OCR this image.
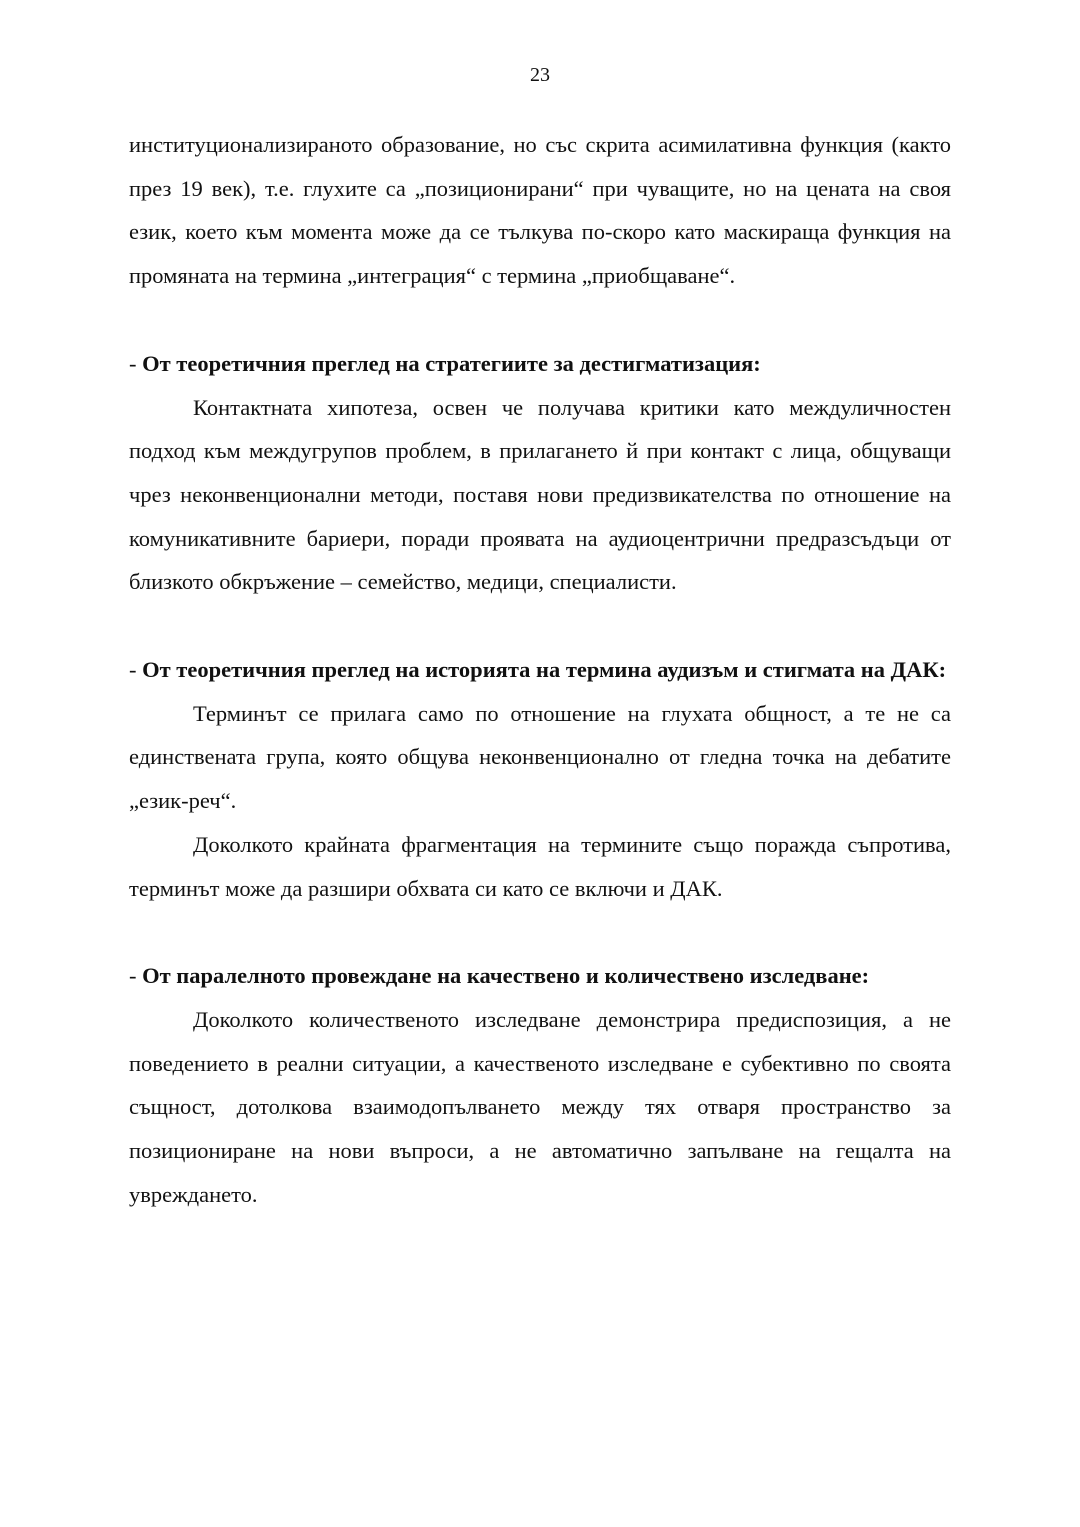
23

институционализираното образование, но със скрита асимилативна функция (както през 19 век), т.е. глухите са „позиционирани“ при чуващите, но на цената на своя език, което към момента може да се тълкува по-скоро като маскираща функция на промяната на термина „интеграция“ с термина „приобщаване“.

- От теоретичния преглед на стратегиите за дестигматизация:

Контактната хипотеза, освен че получава критики като междуличностен подход към междугрупов проблем, в прилагането й при контакт с лица, общуващи чрез неконвенционални методи, поставя нови предизвикателства по отношение на комуникативните бариери, поради проявата на аудиоцентрични предразсъдъци от близкото обкръжение – семейство, медици, специалисти.

- От теоретичния преглед на историята на термина аудизъм и стигмата на ДАК:

Терминът се прилага само по отношение на глухата общност, а те не са единствената група, която общува неконвенционално от гледна точка на дебатите „език-реч“.

Доколкото крайната фрагментация на термините също поражда съпротива, терминът може да разшири обхвата си като се включи и ДАК.

- От паралелното провеждане на качествено и количествено изследване:

Доколкото количественото изследване демонстрира предиспозиция, а не поведението в реални ситуации, а качественото изследване е субективно по своята същност, дотолкова взаимодопълването между тях отваря пространство за позициониране на нови въпроси, а не автоматично запълване на гещалта на увреждането.
